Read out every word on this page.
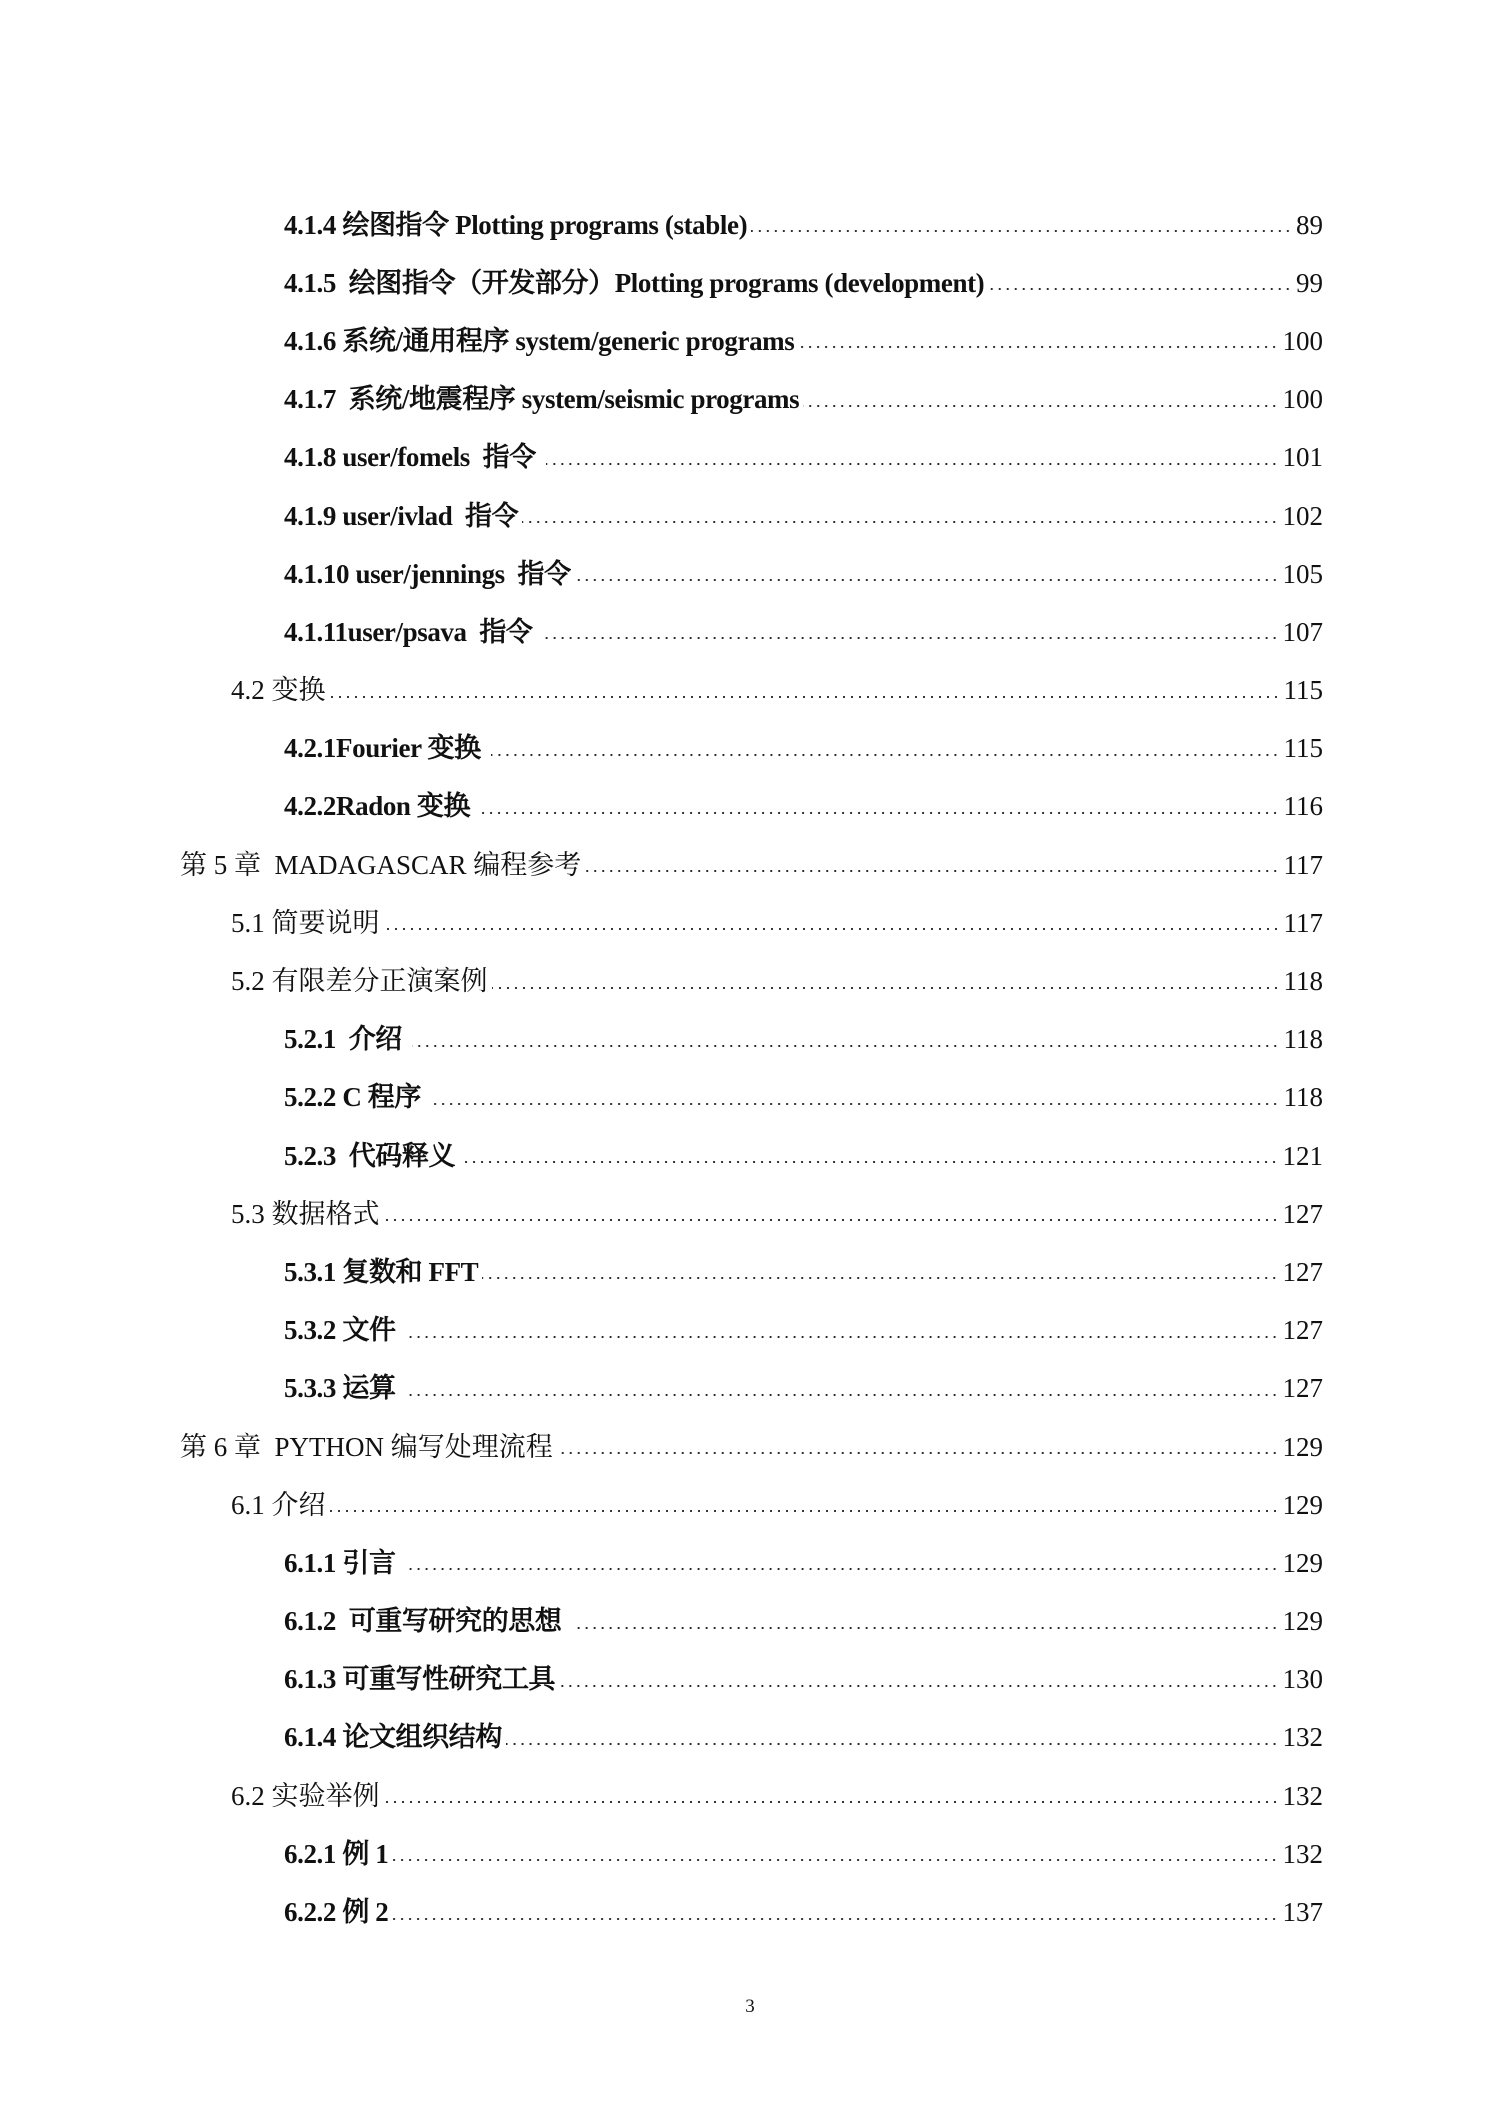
4.1.4 绘图指令 Plotting programs (stable)	89
4.1.5  绘图指令（开发部分）Plotting programs (development)	99
4.1.6 系统/通用程序 system/generic programs	100
4.1.7  系统/地震程序 system/seismic programs	100
4.1.8 user/fomels  指令	101
4.1.9 user/ivlad  指令	102
4.1.10 user/jennings  指令	105
4.1.11user/psava  指令	107
4.2 变换	115
4.2.1Fourier 变换	115
4.2.2Radon 变换	116
第 5 章  MADAGASCAR 编程参考	117
5.1 简要说明	117
5.2 有限差分正演案例	118
5.2.1  介绍	118
5.2.2 C 程序	118
5.2.3  代码释义	121
5.3 数据格式	127
5.3.1 复数和 FFT	127
5.3.2 文件	127
5.3.3 运算	127
第 6 章  PYTHON 编写处理流程	129
6.1 介绍	129
6.1.1 引言	129
6.1.2  可重写研究的思想	129
6.1.3 可重写性研究工具	130
6.1.4 论文组织结构	132
6.2 实验举例	132
6.2.1 例 1	132
6.2.2 例 2	137
3
